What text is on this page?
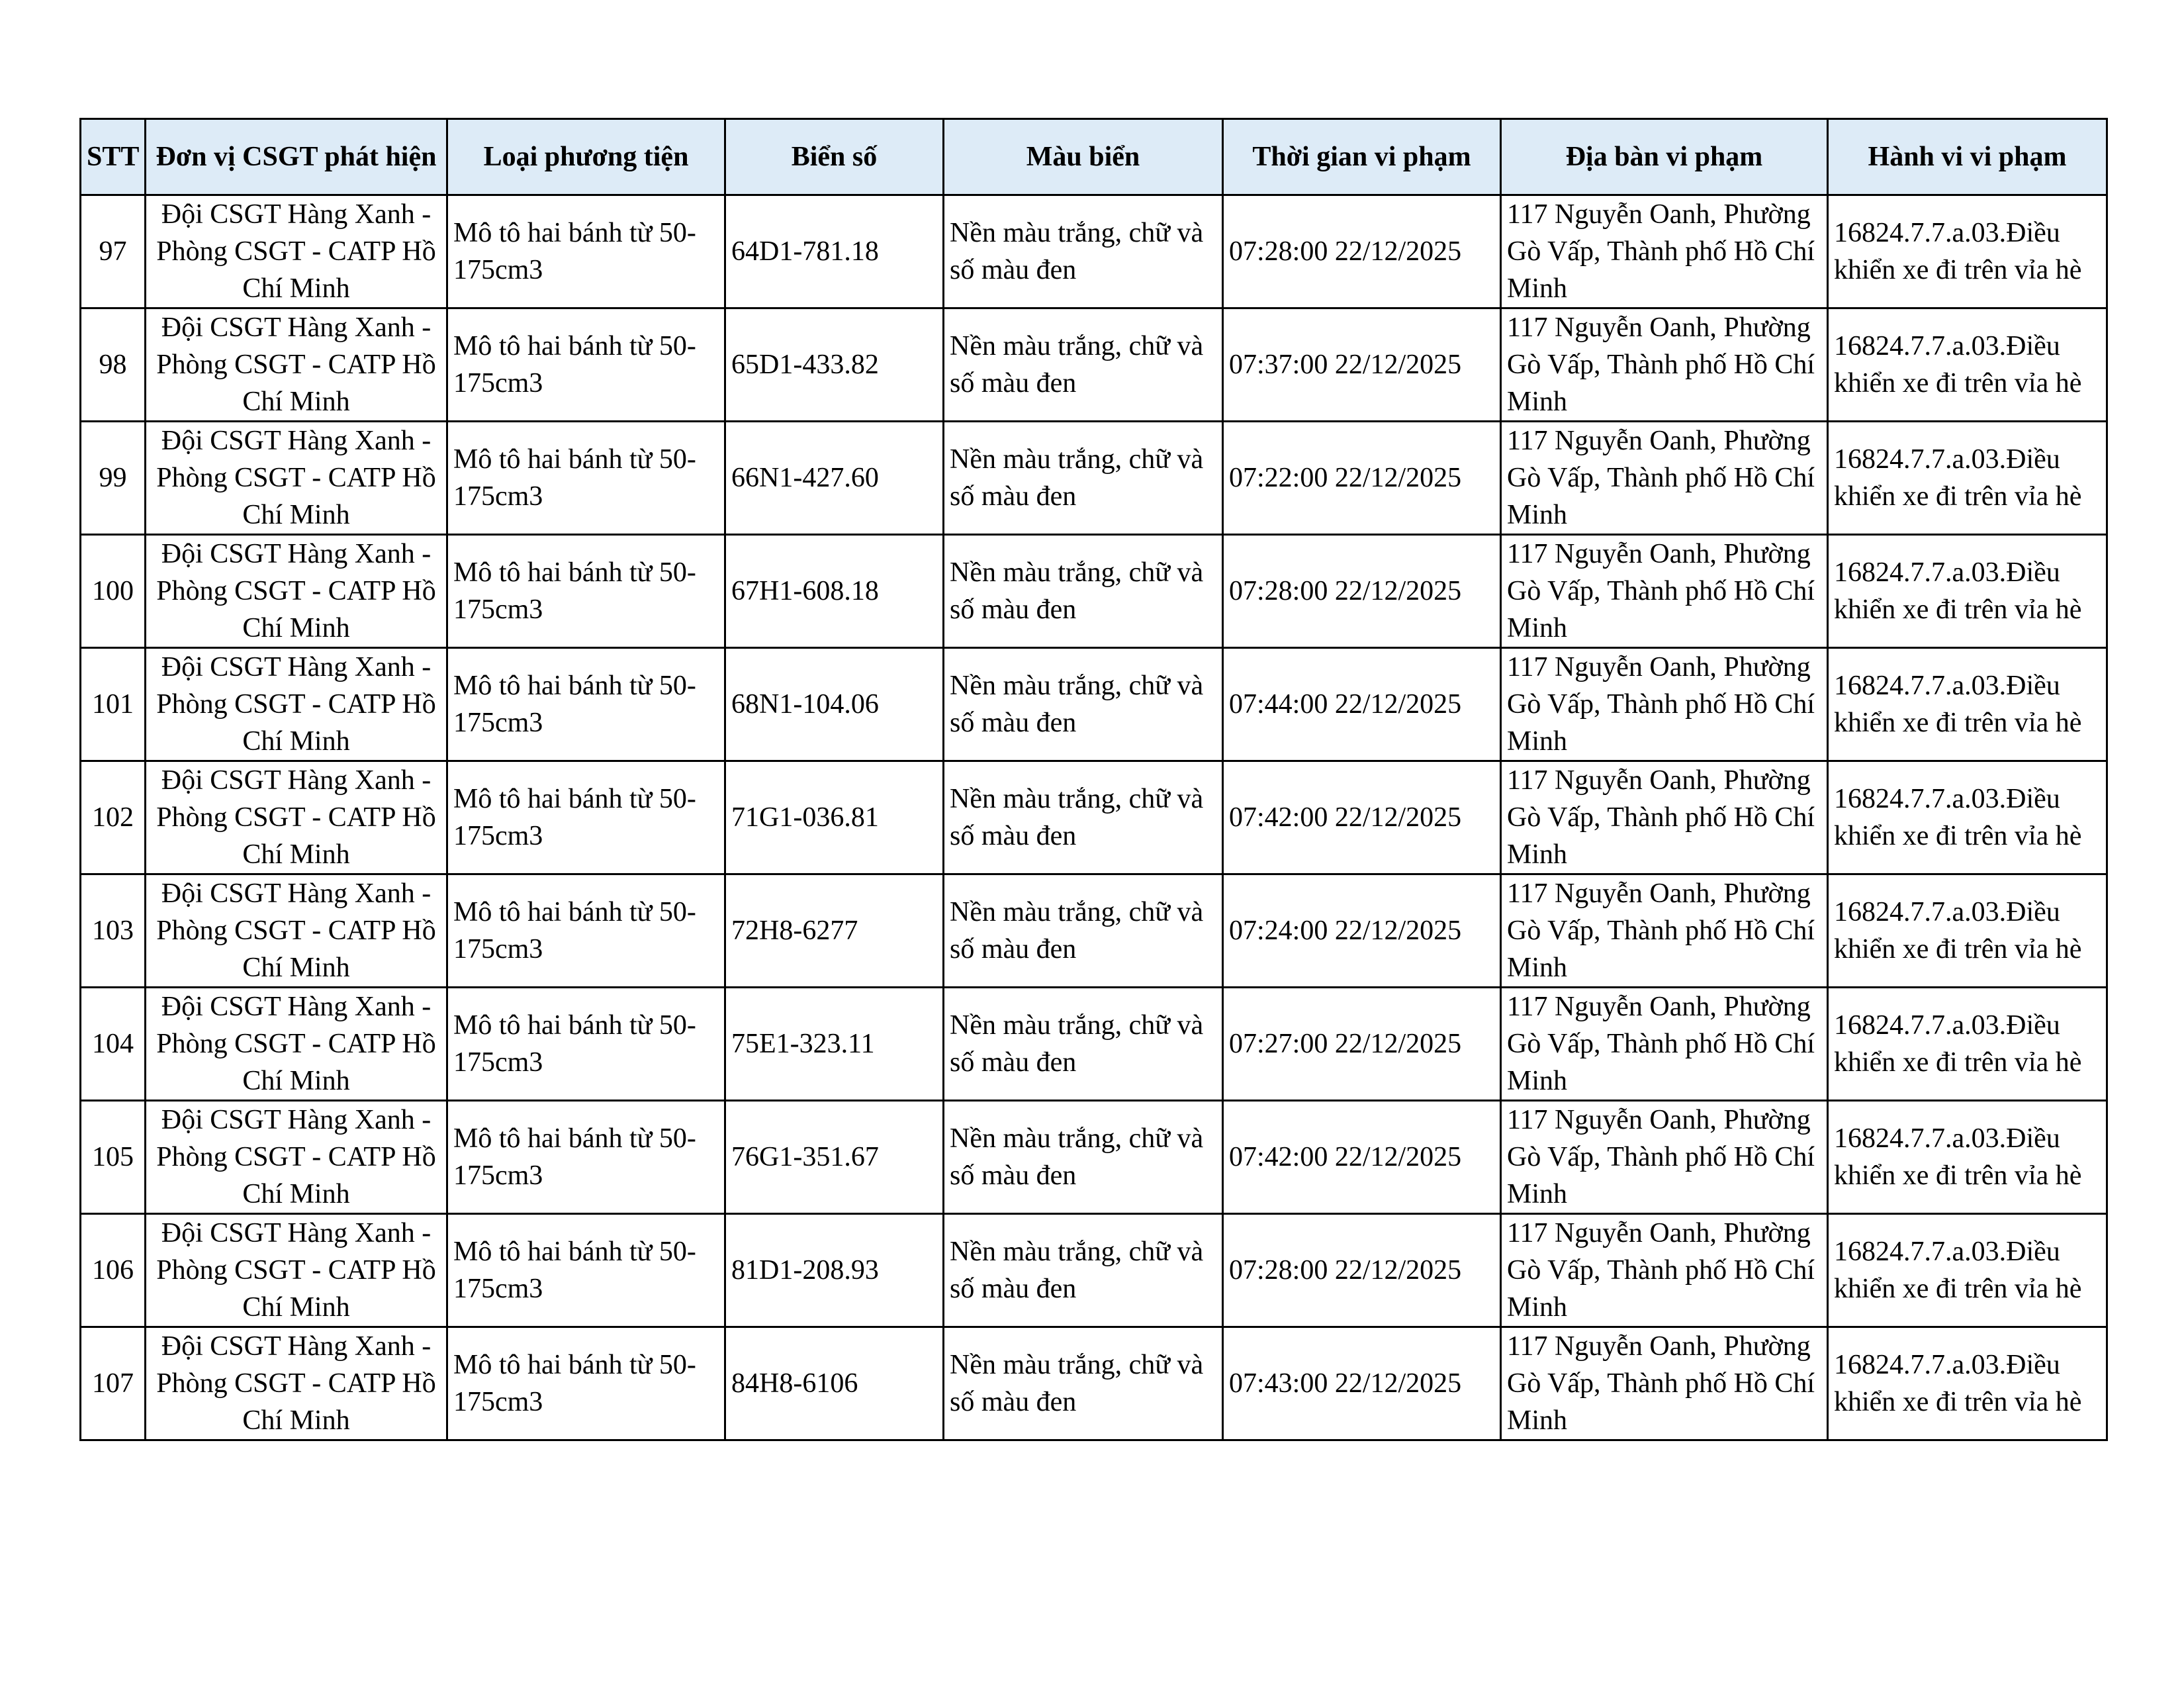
STT	Đơn vị CSGT phát hiện	Loại phương tiện	Biển số	Màu biển	Thời gian vi phạm	Địa bàn vi phạm	Hành vi vi phạm
97	Đội CSGT Hàng Xanh - Phòng CSGT - CATP Hồ Chí Minh	Mô tô hai bánh từ 50-175cm3	64D1-781.18	Nền màu trắng, chữ và số màu đen	07:28:00 22/12/2025	117 Nguyễn Oanh, Phường Gò Vấp, Thành phố Hồ Chí Minh	16824.7.7.a.03.Điều khiển xe đi trên vỉa hè
98	Đội CSGT Hàng Xanh - Phòng CSGT - CATP Hồ Chí Minh	Mô tô hai bánh từ 50-175cm3	65D1-433.82	Nền màu trắng, chữ và số màu đen	07:37:00 22/12/2025	117 Nguyễn Oanh, Phường Gò Vấp, Thành phố Hồ Chí Minh	16824.7.7.a.03.Điều khiển xe đi trên vỉa hè
99	Đội CSGT Hàng Xanh - Phòng CSGT - CATP Hồ Chí Minh	Mô tô hai bánh từ 50-175cm3	66N1-427.60	Nền màu trắng, chữ và số màu đen	07:22:00 22/12/2025	117 Nguyễn Oanh, Phường Gò Vấp, Thành phố Hồ Chí Minh	16824.7.7.a.03.Điều khiển xe đi trên vỉa hè
100	Đội CSGT Hàng Xanh - Phòng CSGT - CATP Hồ Chí Minh	Mô tô hai bánh từ 50-175cm3	67H1-608.18	Nền màu trắng, chữ và số màu đen	07:28:00 22/12/2025	117 Nguyễn Oanh, Phường Gò Vấp, Thành phố Hồ Chí Minh	16824.7.7.a.03.Điều khiển xe đi trên vỉa hè
101	Đội CSGT Hàng Xanh - Phòng CSGT - CATP Hồ Chí Minh	Mô tô hai bánh từ 50-175cm3	68N1-104.06	Nền màu trắng, chữ và số màu đen	07:44:00 22/12/2025	117 Nguyễn Oanh, Phường Gò Vấp, Thành phố Hồ Chí Minh	16824.7.7.a.03.Điều khiển xe đi trên vỉa hè
102	Đội CSGT Hàng Xanh - Phòng CSGT - CATP Hồ Chí Minh	Mô tô hai bánh từ 50-175cm3	71G1-036.81	Nền màu trắng, chữ và số màu đen	07:42:00 22/12/2025	117 Nguyễn Oanh, Phường Gò Vấp, Thành phố Hồ Chí Minh	16824.7.7.a.03.Điều khiển xe đi trên vỉa hè
103	Đội CSGT Hàng Xanh - Phòng CSGT - CATP Hồ Chí Minh	Mô tô hai bánh từ 50-175cm3	72H8-6277	Nền màu trắng, chữ và số màu đen	07:24:00 22/12/2025	117 Nguyễn Oanh, Phường Gò Vấp, Thành phố Hồ Chí Minh	16824.7.7.a.03.Điều khiển xe đi trên vỉa hè
104	Đội CSGT Hàng Xanh - Phòng CSGT - CATP Hồ Chí Minh	Mô tô hai bánh từ 50-175cm3	75E1-323.11	Nền màu trắng, chữ và số màu đen	07:27:00 22/12/2025	117 Nguyễn Oanh, Phường Gò Vấp, Thành phố Hồ Chí Minh	16824.7.7.a.03.Điều khiển xe đi trên vỉa hè
105	Đội CSGT Hàng Xanh - Phòng CSGT - CATP Hồ Chí Minh	Mô tô hai bánh từ 50-175cm3	76G1-351.67	Nền màu trắng, chữ và số màu đen	07:42:00 22/12/2025	117 Nguyễn Oanh, Phường Gò Vấp, Thành phố Hồ Chí Minh	16824.7.7.a.03.Điều khiển xe đi trên vỉa hè
106	Đội CSGT Hàng Xanh - Phòng CSGT - CATP Hồ Chí Minh	Mô tô hai bánh từ 50-175cm3	81D1-208.93	Nền màu trắng, chữ và số màu đen	07:28:00 22/12/2025	117 Nguyễn Oanh, Phường Gò Vấp, Thành phố Hồ Chí Minh	16824.7.7.a.03.Điều khiển xe đi trên vỉa hè
107	Đội CSGT Hàng Xanh - Phòng CSGT - CATP Hồ Chí Minh	Mô tô hai bánh từ 50-175cm3	84H8-6106	Nền màu trắng, chữ và số màu đen	07:43:00 22/12/2025	117 Nguyễn Oanh, Phường Gò Vấp, Thành phố Hồ Chí Minh	16824.7.7.a.03.Điều khiển xe đi trên vỉa hè
